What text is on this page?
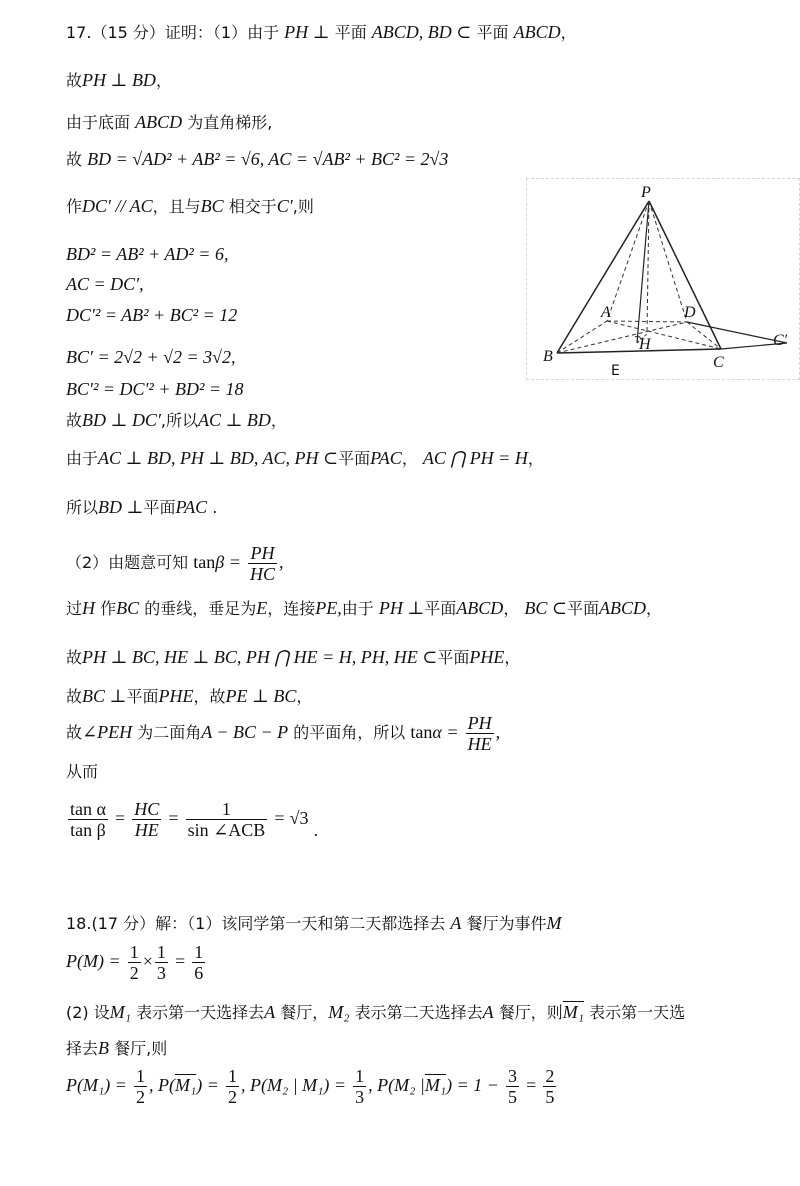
17.（15 分）证明：（1）由于 PH ⊥ 平面 ABCD, BD ⊂ 平面 ABCD，
故PH ⊥ BD，
由于底面 ABCD 为直角梯形,
故 BD = √AD² + AB² = √6, AC = √AB² + BC² = 2√3
作DC′ // AC，且与BC 相交于C′,则
BD² = AB² + AD² = 6,
AC = DC′,
DC′² = AB² + BC² = 12
BC′ = 2√2 + √2 = 3√2,
BC′² = DC′² + BD² = 18
故BD ⊥ DC′,所以AC ⊥ BD，
由于AC ⊥ BD, PH ⊥ BD, AC, PH ⊂平面PAC， AC ⋂ PH = H，
所以BD ⊥平面PAC .
（2）由题意可知 $\tan\beta = \frac{PH}{HC}$ ,
过H 作BC 的垂线，垂足为E，连接PE,由于 PH ⊥平面ABCD， BC ⊂平面ABCD，
故PH ⊥ BC, HE ⊥ BC, PH ⋂ HE = H, PH, HE ⊂平面PHE，
故BC ⊥平面PHE，故PE ⊥ BC，
故∠PEH 为二面角A − BC − P 的平面角，所以 $\tan\alpha = \frac{PH}{HE}$ ,
从而
$\frac{\text{tan α}}{\text{tan β}} = \frac{HC}{HE} = \frac{1}{\text{sin ∠ACB}} = √3$ .
P
A	D
B
H
C
C′
E
18.(17 分）解：（1）该同学第一天和第二天都选择去 A 餐厅为事件M
$P(M) = \frac{1}{2} \times \frac{1}{3} = \frac{1}{6}$
(2) 设M₁ 表示第一天选择去A 餐厅，M₂ 表示第二天选择去A 餐厅，则M₁ 表示第一天选
择去B 餐厅,则
$P(M_1) = \frac{1}{2}$ , $P(M_1) = \frac{1}{2}$ , P(M₂ | $M_1) = \frac{1}{3}$ , P(M₂ $|M_1) = 1 - \frac{3}{5} = \frac{2}{5}$
